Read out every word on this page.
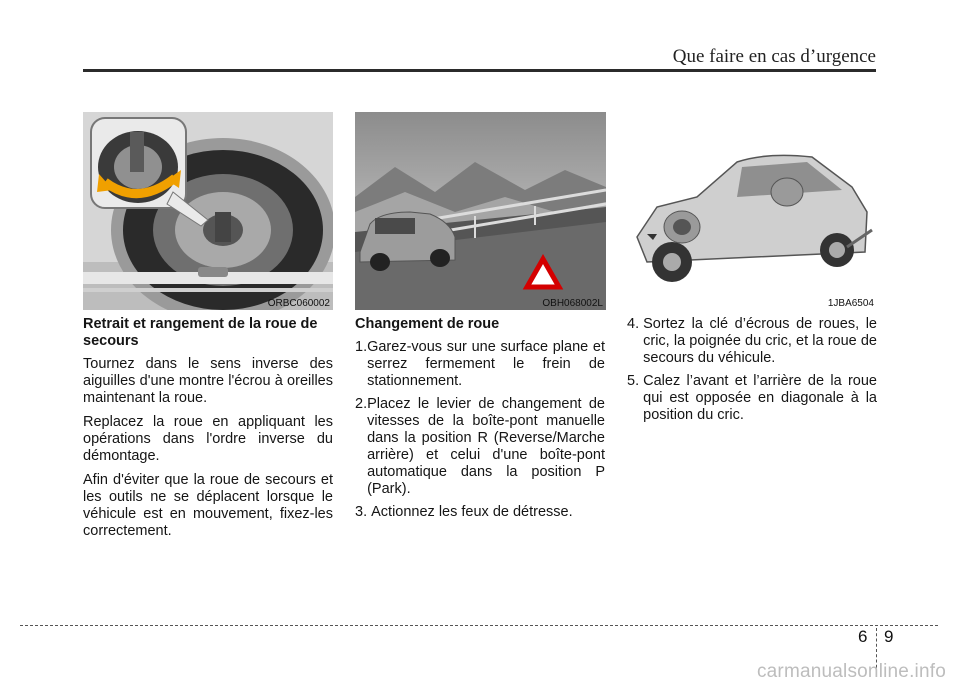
Que faire en cas d’urgence
ORBC060002	OBH068002L	1JBA6504
Retrait et rangement de la roue de secours

Tournez dans le sens inverse des aiguilles d'une montre l'écrou à oreilles maintenant la roue.

Replacez la roue en appliquant les opérations dans l'ordre inverse du démontage.

Afin d'éviter que la roue de secours et les outils ne se déplacent lorsque le véhicule est en mouvement, fixez-les correctement.

Changement de roue
1. Garez-vous sur une surface plane et serrez fermement le frein de stationnement.
2. Placez le levier de changement de vitesses de la boîte-pont manuelle dans la position R (Reverse/Marche arrière) et celui d'une boîte-pont automatique dans la position P (Park).
3. Actionnez les feux de détresse.
4. Sortez la clé d’écrous de roues, le cric, la poignée du cric, et la roue de secours du véhicule.
5. Calez l’avant et l’arrière de la roue qui est opposée en diagonale à la position du cric.
6 9
carmanualsonline.info
